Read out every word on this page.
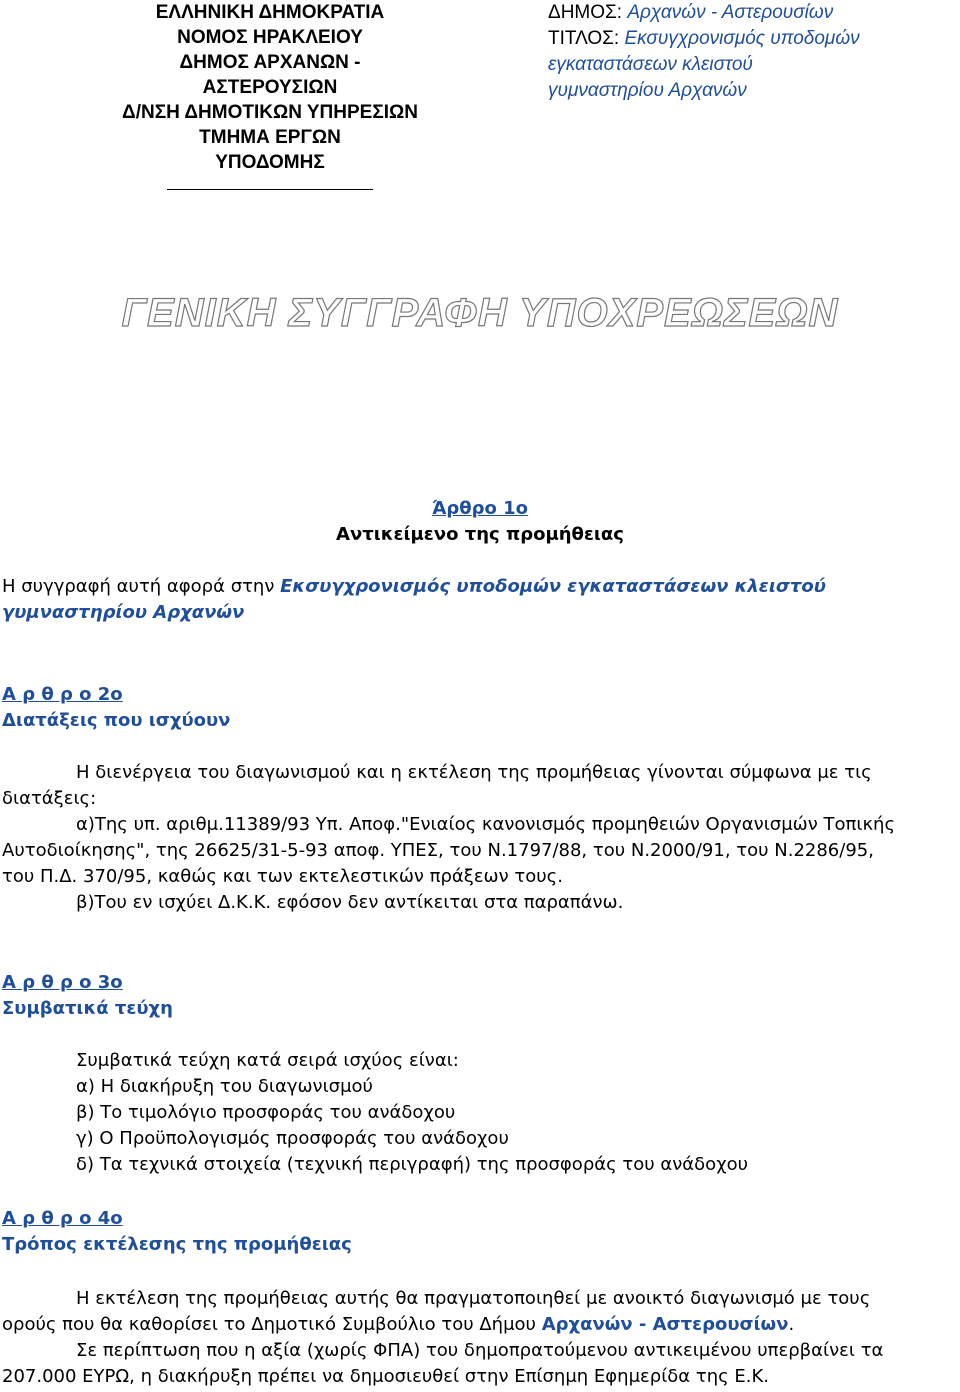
ΕΛΛΗΝΙΚΗ ΔΗΜΟΚΡΑΤΙΑ
ΝΟΜΟΣ ΗΡΑΚΛΕΙΟΥ
ΔΗΜΟΣ ΑΡΧΑΝΩΝ - ΑΣΤΕΡΟΥΣΙΩΝ
Δ/ΝΣΗ ΔΗΜΟΤΙΚΩΝ ΥΠΗΡΕΣΙΩΝ
ΤΜΗΜΑ ΕΡΓΩΝ
ΥΠΟΔΟΜΗΣ
ΔΗΜΟΣ: Αρχανών - Αστερουσίων
ΤΙΤΛΟΣ: Εκσυγχρονισμός υποδομών
εγκαταστάσεων κλειστού
γυμναστηρίου Αρχανών
ΓΕΝΙΚΗ ΣΥΓΓΡΑΦΗ ΥΠΟΧΡΕΩΣΕΩΝ
Άρθρο 1ο
Αντικείμενο της προμήθειας
Η συγγραφή αυτή αφορά στην Εκσυγχρονισμός υποδομών εγκαταστάσεων κλειστού
γυμναστηρίου Αρχανών
Α ρ θ ρ ο 2ο
Διατάξεις που ισχύουν
Η διενέργεια του διαγωνισμού και η εκτέλεση της προμήθειας γίνονται σύμφωνα με τις
διατάξεις:
α)Της υπ. αριθμ.11389/93 Υπ. Αποφ."Ενιαίος κανονισμός προμηθειών Οργανισμών Τοπικής
Αυτοδιοίκησης", της 26625/31-5-93 αποφ. ΥΠΕΣ, του Ν.1797/88, του Ν.2000/91, του Ν.2286/95,
του Π.Δ. 370/95, καθώς και των εκτελεστικών πράξεων τους.
β)Του εν ισχύει Δ.Κ.Κ. εφόσον δεν αντίκειται στα παραπάνω.
Α ρ θ ρ ο 3ο
Συμβατικά τεύχη
Συμβατικά τεύχη κατά σειρά ισχύος είναι:
α) Η διακήρυξη του διαγωνισμού
β) Το τιμολόγιο προσφοράς του ανάδοχου
γ) Ο Προϋπολογισμός προσφοράς του ανάδοχου
δ) Τα τεχνικά στοιχεία (τεχνική περιγραφή) της προσφοράς του ανάδοχου
Α ρ θ ρ ο 4ο
Τρόπος εκτέλεσης της προμήθειας
Η εκτέλεση της προμήθειας αυτής θα πραγματοποιηθεί με ανοικτό διαγωνισμό με τους
ορούς που θα καθορίσει το Δημοτικό Συμβούλιο του Δήμου Αρχανών - Αστερουσίων.
Σε περίπτωση που η αξία (χωρίς ΦΠΑ) του δημοπρατούμενου αντικειμένου υπερβαίνει τα
207.000 ΕΥΡΩ, η διακήρυξη πρέπει να δημοσιευθεί στην Επίσημη Εφημερίδα της Ε.Κ.
